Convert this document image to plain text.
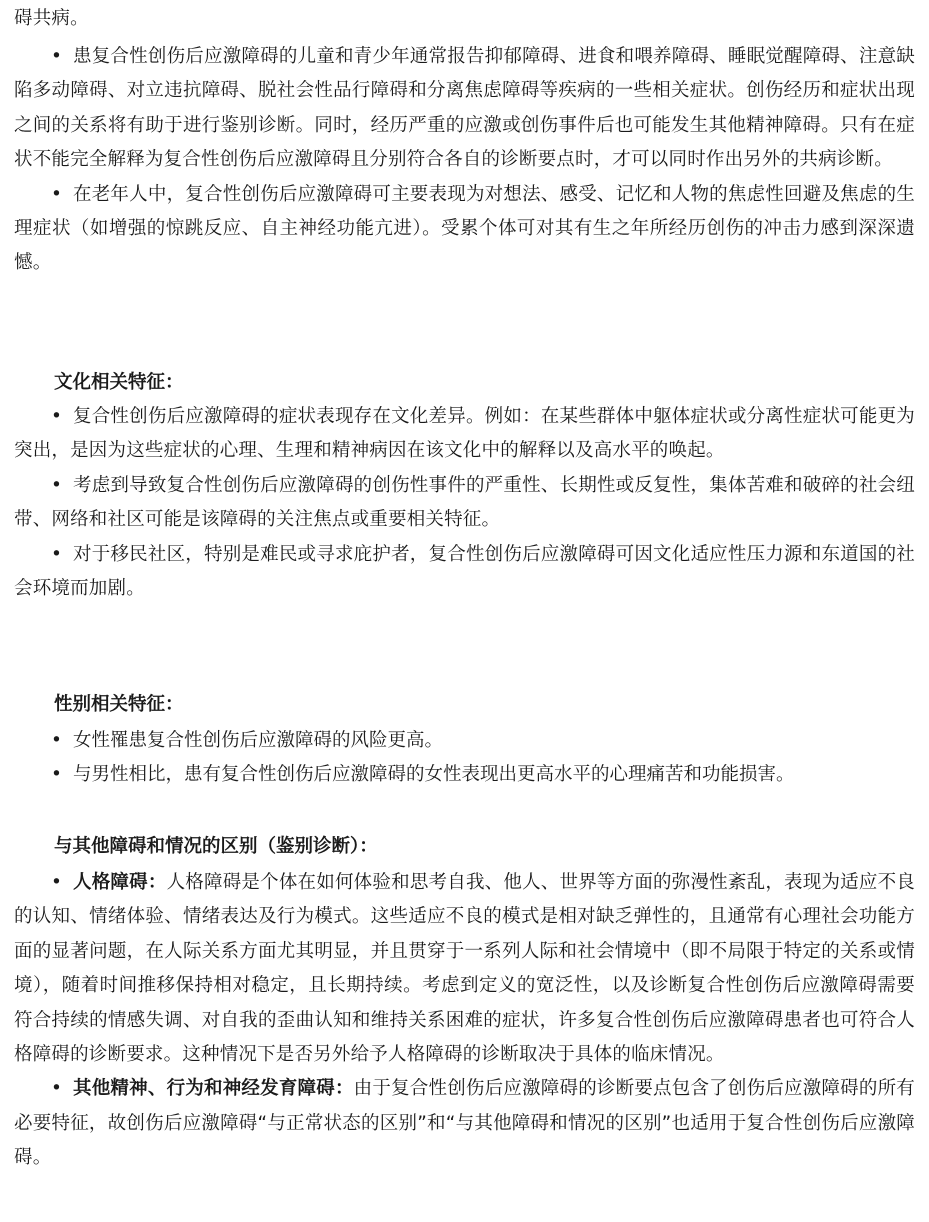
碍共病。

• 患复合性创伤后应激障碍的儿童和青少年通常报告抑郁障碍、进食和喂养障碍、睡眠觉醒障碍、注意缺陷多动障碍、对立违抗障碍、脱社会性品行障碍和分离焦虑障碍等疾病的一些相关症状。创伤经历和症状出现之间的关系将有助于进行鉴别诊断。同时，经历严重的应激或创伤事件后也可能发生其他精神障碍。只有在症状不能完全解释为复合性创伤后应激障碍且分别符合各自的诊断要点时，才可以同时作出另外的共病诊断。

• 在老年人中，复合性创伤后应激障碍可主要表现为对想法、感受、记忆和人物的焦虑性回避及焦虑的生理症状（如增强的惊跳反应、自主神经功能亢进）。受累个体可对其有生之年所经历创伤的冲击力感到深深遗憾。

文化相关特征：

• 复合性创伤后应激障碍的症状表现存在文化差异。例如：在某些群体中躯体症状或分离性症状可能更为突出，是因为这些症状的心理、生理和精神病因在该文化中的解释以及高水平的唤起。

• 考虑到导致复合性创伤后应激障碍的创伤性事件的严重性、长期性或反复性，集体苦难和破碎的社会纽带、网络和社区可能是该障碍的关注焦点或重要相关特征。

• 对于移民社区，特别是难民或寻求庇护者，复合性创伤后应激障碍可因文化适应性压力源和东道国的社会环境而加剧。

性别相关特征：

• 女性罹患复合性创伤后应激障碍的风险更高。

• 与男性相比，患有复合性创伤后应激障碍的女性表现出更高水平的心理痛苦和功能损害。

与其他障碍和情况的区别（鉴别诊断）：

• 人格障碍：人格障碍是个体在如何体验和思考自我、他人、世界等方面的弥漫性紊乱，表现为适应不良的认知、情绪体验、情绪表达及行为模式。这些适应不良的模式是相对缺乏弹性的，且通常有心理社会功能方面的显著问题，在人际关系方面尤其明显，并且贯穿于一系列人际和社会情境中（即不局限于特定的关系或情境），随着时间推移保持相对稳定，且长期持续。考虑到定义的宽泛性，以及诊断复合性创伤后应激障碍需要符合持续的情感失调、对自我的歪曲认知和维持关系困难的症状，许多复合性创伤后应激障碍患者也可符合人格障碍的诊断要求。这种情况下是否另外给予人格障碍的诊断取决于具体的临床情况。

• 其他精神、行为和神经发育障碍：由于复合性创伤后应激障碍的诊断要点包含了创伤后应激障碍的所有必要特征，故创伤后应激障碍“与正常状态的区别”和“与其他障碍和情况的区别”也适用于复合性创伤后应激障碍。
